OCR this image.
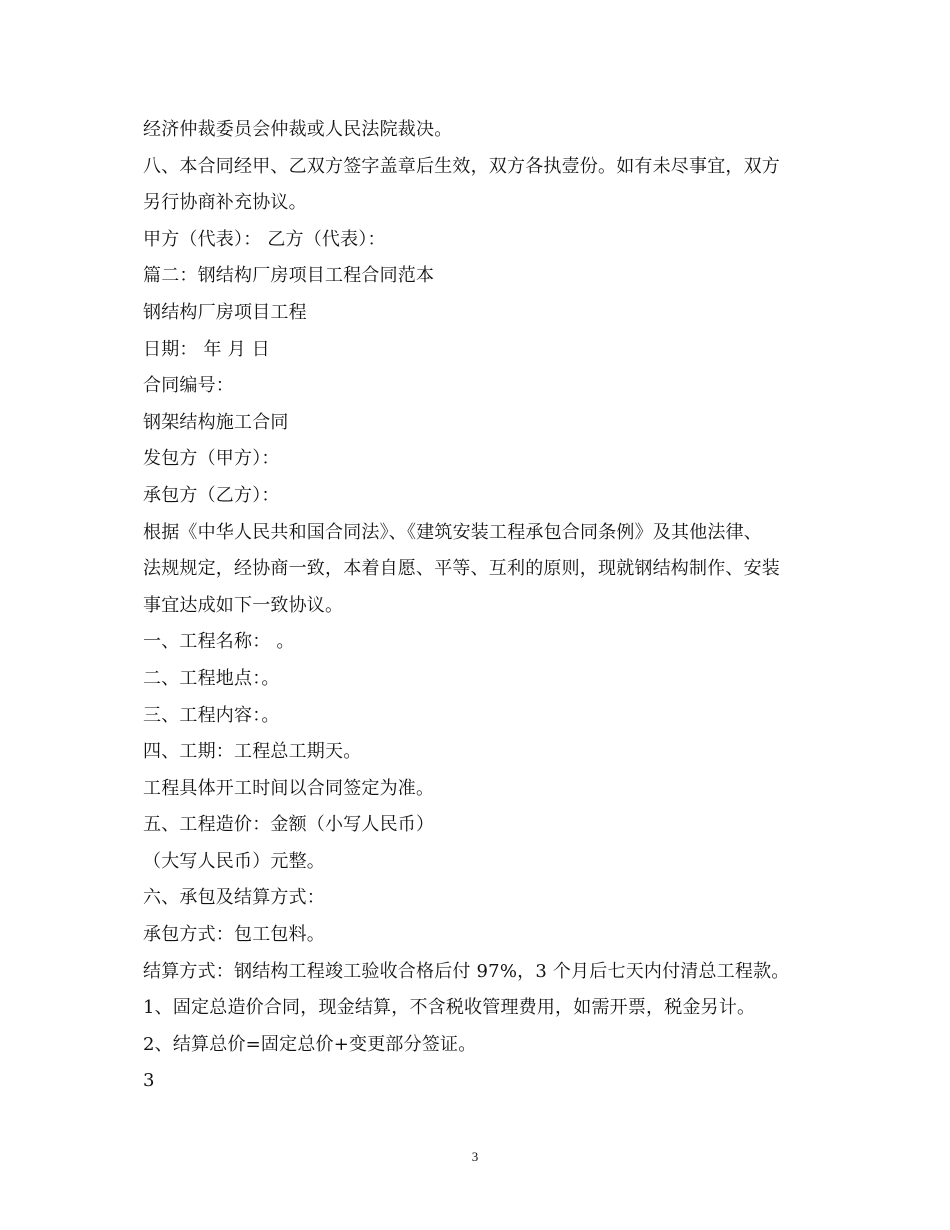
经济仲裁委员会仲裁或人民法院裁决。
八、本合同经甲、乙双方签字盖章后生效，双方各执壹份。如有未尽事宜，双方
另行协商补充协议。
甲方（代表）： 乙方（代表）：
篇二：钢结构厂房项目工程合同范本
钢结构厂房项目工程
日期： 年 月 日
合同编号：
钢架结构施工合同
发包方（甲方）：
承包方（乙方）：
根据《中华人民共和国合同法》、《建筑安装工程承包合同条例》及其他法律、
法规规定，经协商一致，本着自愿、平等、互利的原则，现就钢结构制作、安装
事宜达成如下一致协议。
一、工程名称： 。
二、工程地点：。
三、工程内容：。
四、工期：工程总工期天。
工程具体开工时间以合同签定为准。
五、工程造价：金额（小写人民币）
（大写人民币）元整。
六、承包及结算方式：
承包方式：包工包料。
结算方式：钢结构工程竣工验收合格后付 97%，3 个月后七天内付清总工程款。
1、固定总造价合同，现金结算，不含税收管理费用，如需开票，税金另计。
2、结算总价=固定总价+变更部分签证。
3
3
